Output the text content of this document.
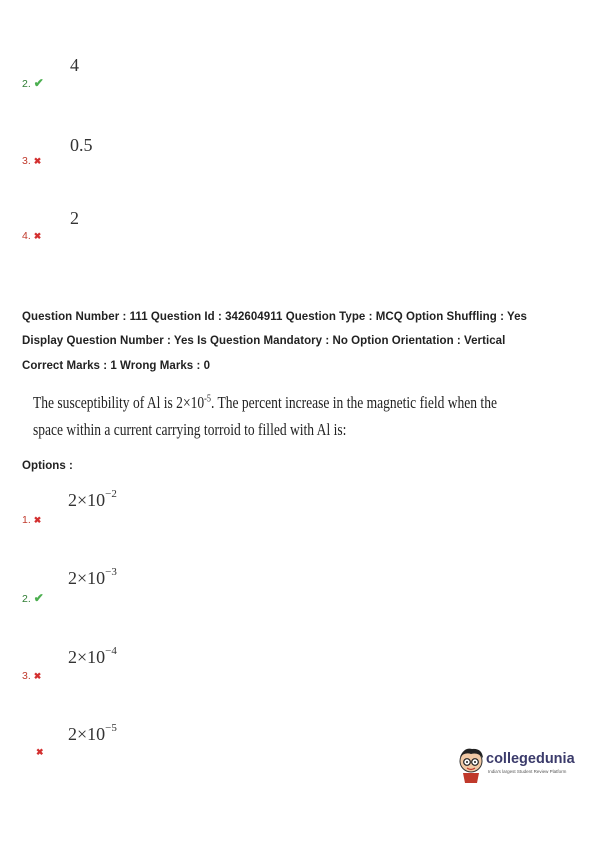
4
2. ✔
0.5
3. ✖
2
4. ✖
Question Number : 111 Question Id : 342604911 Question Type : MCQ Option Shuffling : Yes
Display Question Number : Yes Is Question Mandatory : No Option Orientation : Vertical
Correct Marks : 1 Wrong Marks : 0
The susceptibility of Al is $2\times 10^{-5}$. The percent increase in the magnetic field when the
space within a current carrying torroid to filled with Al is:
Options :
$2\times 10^{-2}$
1. ✖
$2\times 10^{-3}$
2. ✔
$2\times 10^{-4}$
3. ✖
$2\times 10^{-5}$
✖	collegedunia
India's largest Student Review Platform
